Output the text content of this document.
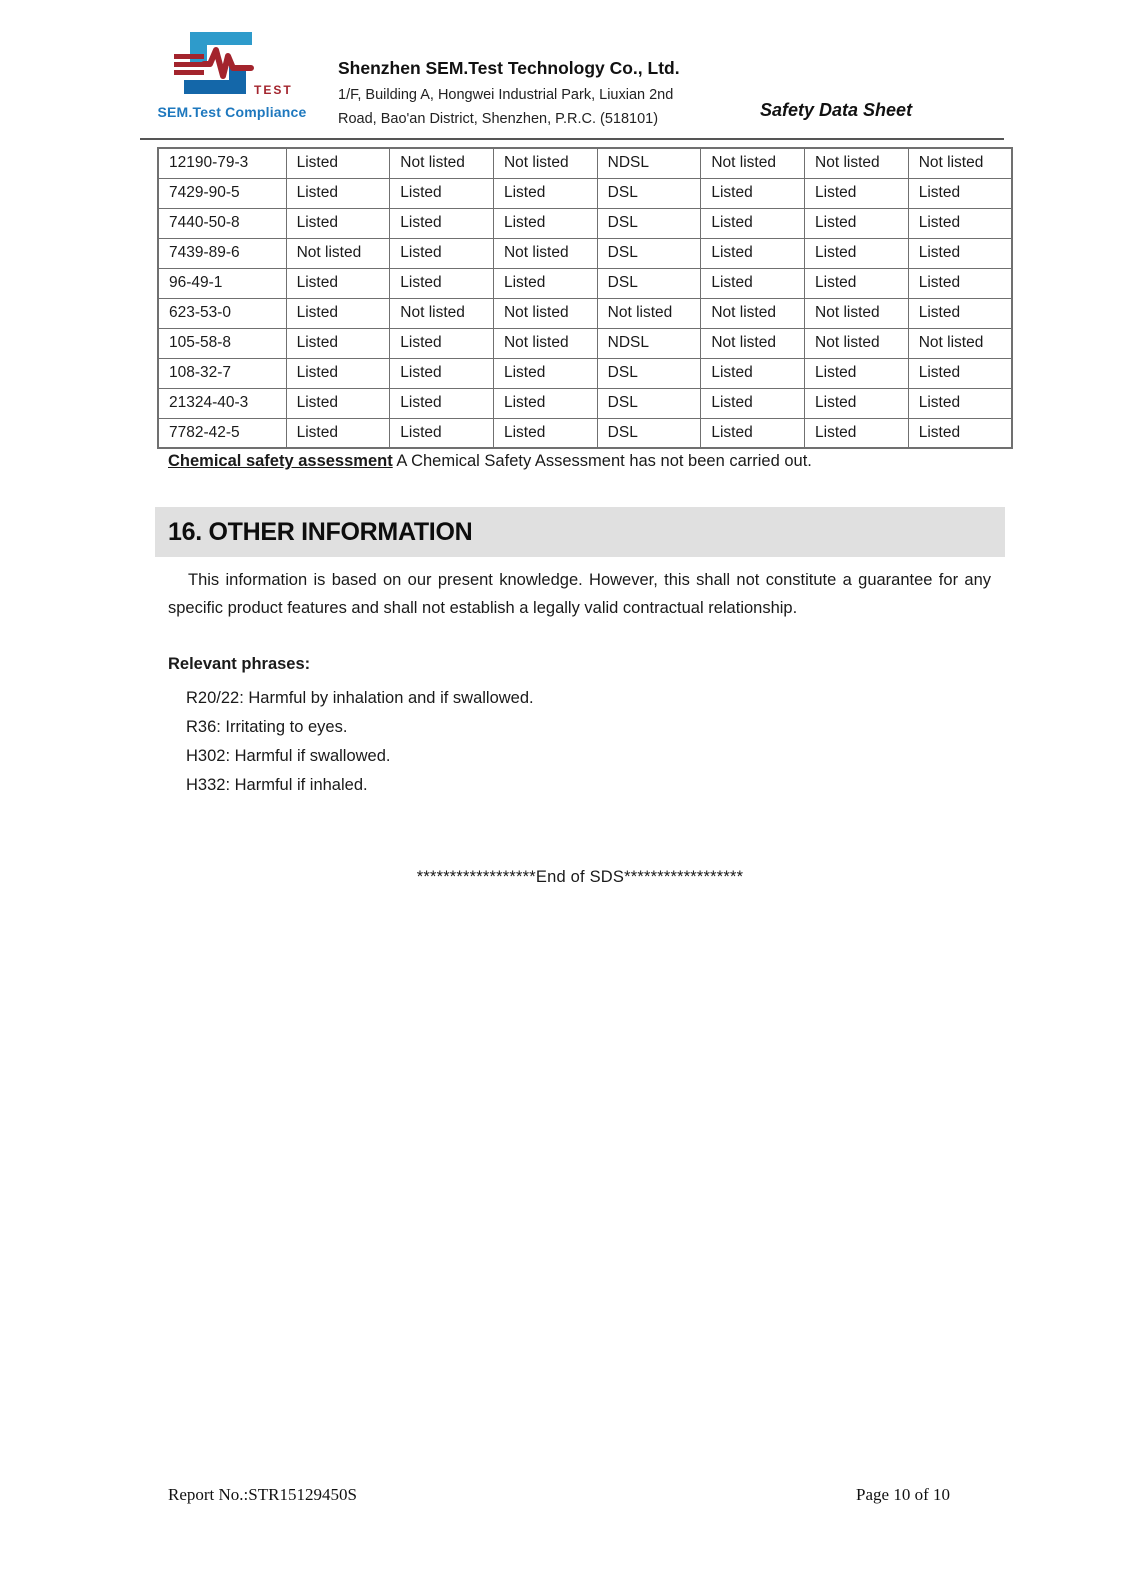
TEST
SEM.Test Compliance
Shenzhen SEM.Test Technology Co., Ltd.
1/F, Building A, Hongwei Industrial Park, Liuxian 2nd
Road, Bao'an District, Shenzhen, P.R.C. (518101)	Safety Data Sheet
12190-79-3	Listed	Not listed	Not listed	NDSL	Not listed	Not listed	Not listed
7429-90-5	Listed	Listed	Listed	DSL	Listed	Listed	Listed
7440-50-8	Listed	Listed	Listed	DSL	Listed	Listed	Listed
7439-89-6	Not listed	Listed	Not listed	DSL	Listed	Listed	Listed
96-49-1	Listed	Listed	Listed	DSL	Listed	Listed	Listed
623-53-0	Listed	Not listed	Not listed	Not listed	Not listed	Not listed	Listed
105-58-8	Listed	Listed	Not listed	NDSL	Not listed	Not listed	Not listed
108-32-7	Listed	Listed	Listed	DSL	Listed	Listed	Listed
21324-40-3	Listed	Listed	Listed	DSL	Listed	Listed	Listed
7782-42-5	Listed	Listed	Listed	DSL	Listed	Listed	Listed

Chemical safety assessment A Chemical Safety Assessment has not been carried out.

16. OTHER INFORMATION

This information is based on our present knowledge. However, this shall not constitute a guarantee for any specific product features and shall not establish a legally valid contractual relationship.

Relevant phrases:

R20/22: Harmful by inhalation and if swallowed.
R36: Irritating to eyes.
H302: Harmful if swallowed.
H332: Harmful if inhaled.
******************End of SDS******************
Report No.:STR15129450S	Page 10 of 10
